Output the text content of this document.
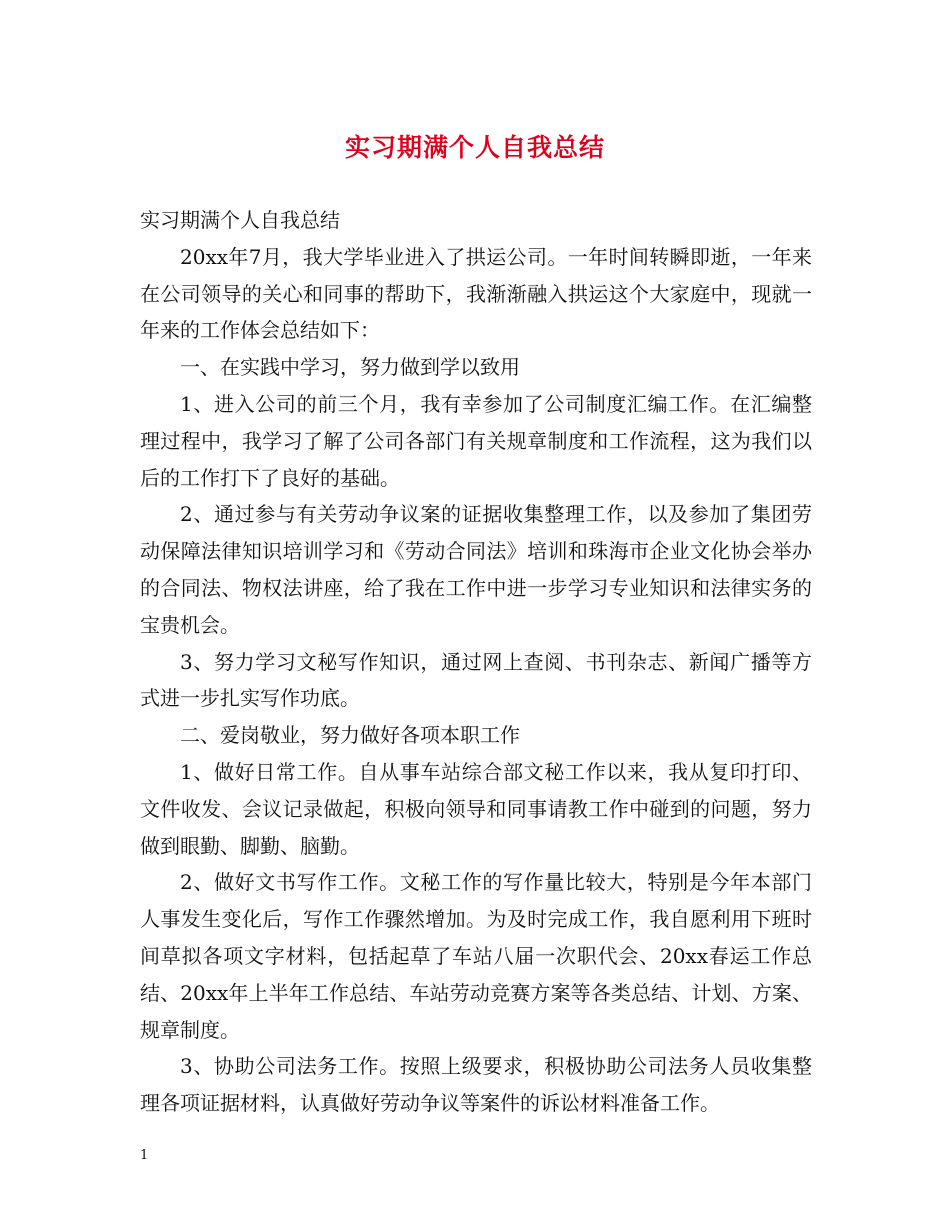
实习期满个人自我总结

实习期满个人自我总结

20xx年7月，我大学毕业进入了拱运公司。一年时间转瞬即逝，一年来在公司领导的关心和同事的帮助下，我渐渐融入拱运这个大家庭中，现就一年来的工作体会总结如下：

一、在实践中学习，努力做到学以致用

1、进入公司的前三个月，我有幸参加了公司制度汇编工作。在汇编整理过程中，我学习了解了公司各部门有关规章制度和工作流程，这为我们以后的工作打下了良好的基础。

2、通过参与有关劳动争议案的证据收集整理工作，以及参加了集团劳动保障法律知识培训学习和《劳动合同法》培训和珠海市企业文化协会举办的合同法、物权法讲座，给了我在工作中进一步学习专业知识和法律实务的宝贵机会。

3、努力学习文秘写作知识，通过网上查阅、书刊杂志、新闻广播等方式进一步扎实写作功底。

二、爱岗敬业，努力做好各项本职工作

1、做好日常工作。自从事车站综合部文秘工作以来，我从复印打印、文件收发、会议记录做起，积极向领导和同事请教工作中碰到的问题，努力做到眼勤、脚勤、脑勤。

2、做好文书写作工作。文秘工作的写作量比较大，特别是今年本部门人事发生变化后，写作工作骤然增加。为及时完成工作，我自愿利用下班时间草拟各项文字材料，包括起草了车站八届一次职代会、20xx春运工作总结、20xx年上半年工作总结、车站劳动竞赛方案等各类总结、计划、方案、规章制度。

3、协助公司法务工作。按照上级要求，积极协助公司法务人员收集整理各项证据材料，认真做好劳动争议等案件的诉讼材料准备工作。

1
